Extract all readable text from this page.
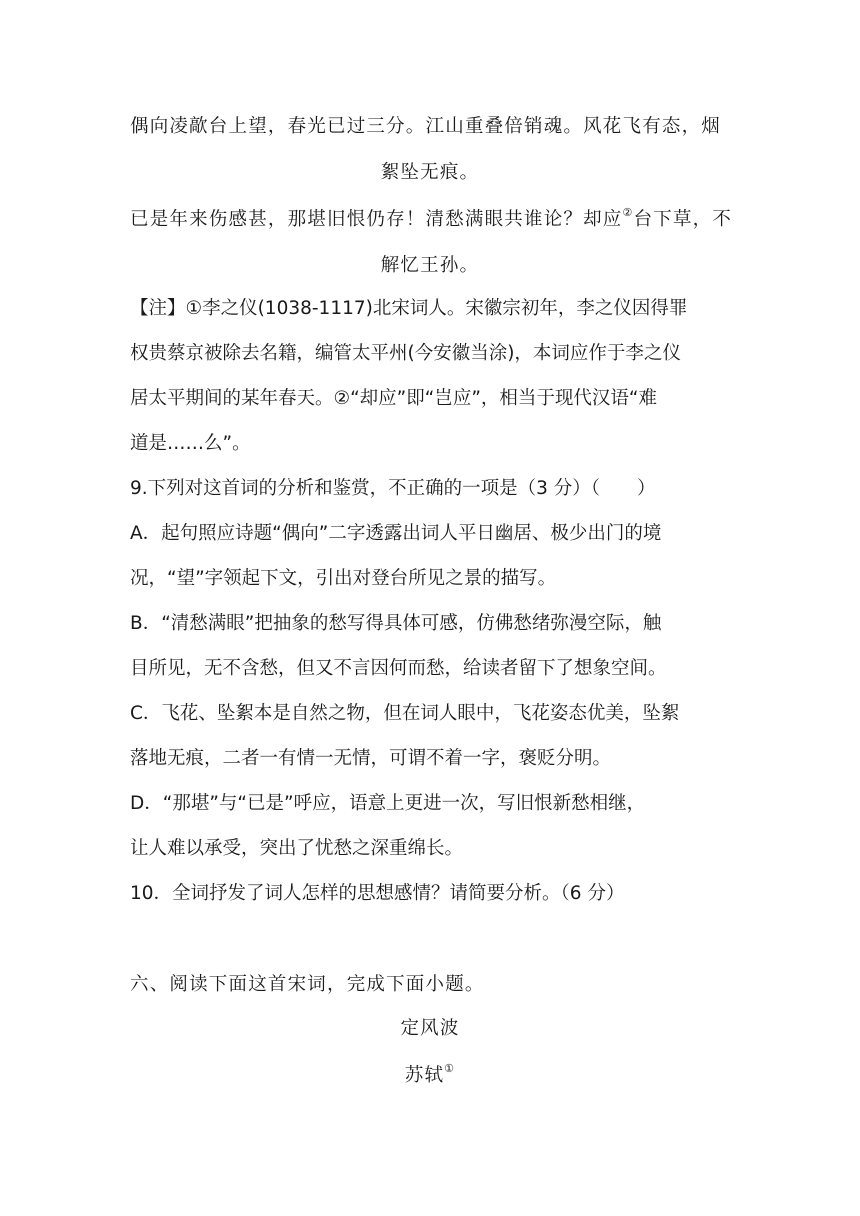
偶向凌歊台上望，春光已过三分。江山重叠倍销魂。风花飞有态，烟
絮坠无痕。
已是年来伤感甚，那堪旧恨仍存！清愁满眼共谁论？却应②台下草，不
解忆王孙。
【注】①李之仪(1038-1117)北宋词人。宋徽宗初年，李之仪因得罪
权贵蔡京被除去名籍，编管太平州(今安徽当涂)，本词应作于李之仪
居太平期间的某年春天。②“却应”即“岂应”，相当于现代汉语“难
道是……么”。
9.下列对这首词的分析和鉴赏，不正确的一项是（3 分）（　　）
A．起句照应诗题“偶向”二字透露出词人平日幽居、极少出门的境
况，“望”字领起下文，引出对登台所见之景的描写。
B．“清愁满眼”把抽象的愁写得具体可感，仿佛愁绪弥漫空际，触
目所见，无不含愁，但又不言因何而愁，给读者留下了想象空间。
C．飞花、坠絮本是自然之物，但在词人眼中，飞花姿态优美，坠絮
落地无痕，二者一有情一无情，可谓不着一字，褒贬分明。
D．“那堪”与“已是”呼应，语意上更进一次，写旧恨新愁相继，
让人难以承受，突出了忧愁之深重绵长。
10．全词抒发了词人怎样的思想感情？请简要分析。（6 分）
六、阅读下面这首宋词，完成下面小题。
定风波
苏轼①
